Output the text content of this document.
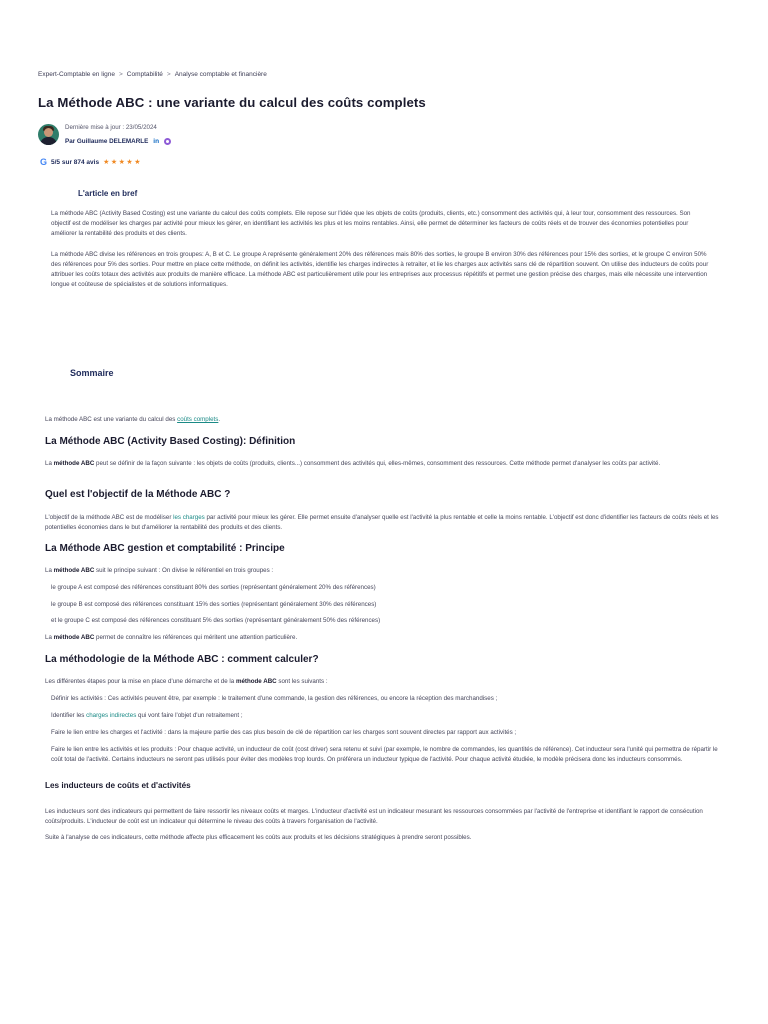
Expert-Comptable en ligne > Comptabilité > Analyse comptable et financière
La Méthode ABC : une variante du calcul des coûts complets
Dernière mise à jour : 23/05/2024
Par Guillaume DELEMARLE in
G 5/5 sur 874 avis ★★★★★
L'article en bref

La méthode ABC (Activity Based Costing) est une variante du calcul des coûts complets. Elle repose sur l'idée que les objets de coûts (produits, clients, etc.) consomment des activités qui, à leur tour, consomment des ressources. Son objectif est de modéliser les charges par activité pour mieux les gérer, en identifiant les activités les plus et les moins rentables. Ainsi, elle permet de déterminer les facteurs de coûts réels et de trouver des économies potentielles pour améliorer la rentabilité des produits et des clients.

La méthode ABC divise les références en trois groupes: A, B et C. Le groupe A représente généralement 20% des références mais 80% des sorties, le groupe B environ 30% des références pour 15% des sorties, et le groupe C environ 50% des références pour 5% des sorties. Pour mettre en place cette méthode, on définit les activités, identifie les charges indirectes à retraiter, et lie les charges aux activités sans clé de répartition souvent. On utilise des inducteurs de coûts pour attribuer les coûts totaux des activités aux produits de manière efficace. La méthode ABC est particulièrement utile pour les entreprises aux processus répétitifs et permet une gestion précise des charges, mais elle nécessite une intervention longue et coûteuse de spécialistes et de solutions informatiques.

Sommaire

La méthode ABC est une variante du calcul des coûts complets.

La Méthode ABC (Activity Based Costing): Définition

La méthode ABC peut se définir de la façon suivante : les objets de coûts (produits, clients...) consomment des activités qui, elles-mêmes, consomment des ressources. Cette méthode permet d'analyser les coûts par activité.

Quel est l'objectif de la Méthode ABC ?

L'objectif de la méthode ABC est de modéliser les charges par activité pour mieux les gérer. Elle permet ensuite d'analyser quelle est l'activité la plus rentable et celle la moins rentable. L'objectif est donc d'identifier les facteurs de coûts réels et les potentielles économies dans le but d'améliorer la rentabilité des produits et des clients.

La Méthode ABC gestion et comptabilité : Principe

La méthode ABC suit le principe suivant : On divise le référentiel en trois groupes :

le groupe A est composé des références constituant 80% des sorties (représentant généralement 20% des références)
le groupe B est composé des références constituant 15% des sorties (représentant généralement 30% des références)
et le groupe C est composé des références constituant 5% des sorties (représentant généralement 50% des références)

La méthode ABC permet de connaître les références qui méritent une attention particulière.

La méthodologie de la Méthode ABC : comment calculer?

Les différentes étapes pour la mise en place d'une démarche et de la méthode ABC sont les suivants :

Définir les activités : Ces activités peuvent être, par exemple : le traitement d'une commande, la gestion des références, ou encore la réception des marchandises ;
Identifier les charges indirectes qui vont faire l'objet d'un retraitement ;
Faire le lien entre les charges et l'activité : dans la majeure partie des cas plus besoin de clé de répartition car les charges sont souvent directes par rapport aux activités ;
Faire le lien entre les activités et les produits : Pour chaque activité, un inducteur de coût (cost driver) sera retenu et suivi (par exemple, le nombre de commandes, les quantités de référence). Cet inducteur sera l'unité qui permettra de répartir le coût total de l'activité. Certains inducteurs ne seront pas utilisés pour éviter des modèles trop lourds. On préférera un inducteur typique de l'activité. Pour chaque activité étudiée, le modèle précisera donc les inducteurs consommés.
Les inducteurs de coûts et d'activités

Les inducteurs sont des indicateurs qui permettent de faire ressortir les niveaux coûts et marges. L'inducteur d'activité est un indicateur mesurant les ressources consommées par l'activité de l'entreprise et identifiant le rapport de consécution coûts/produits. L'inducteur de coût est un indicateur qui détermine le niveau des coûts à travers l'organisation de l'activité.

Suite à l'analyse de ces indicateurs, cette méthode affecte plus efficacement les coûts aux produits et les décisions stratégiques à prendre seront possibles.
